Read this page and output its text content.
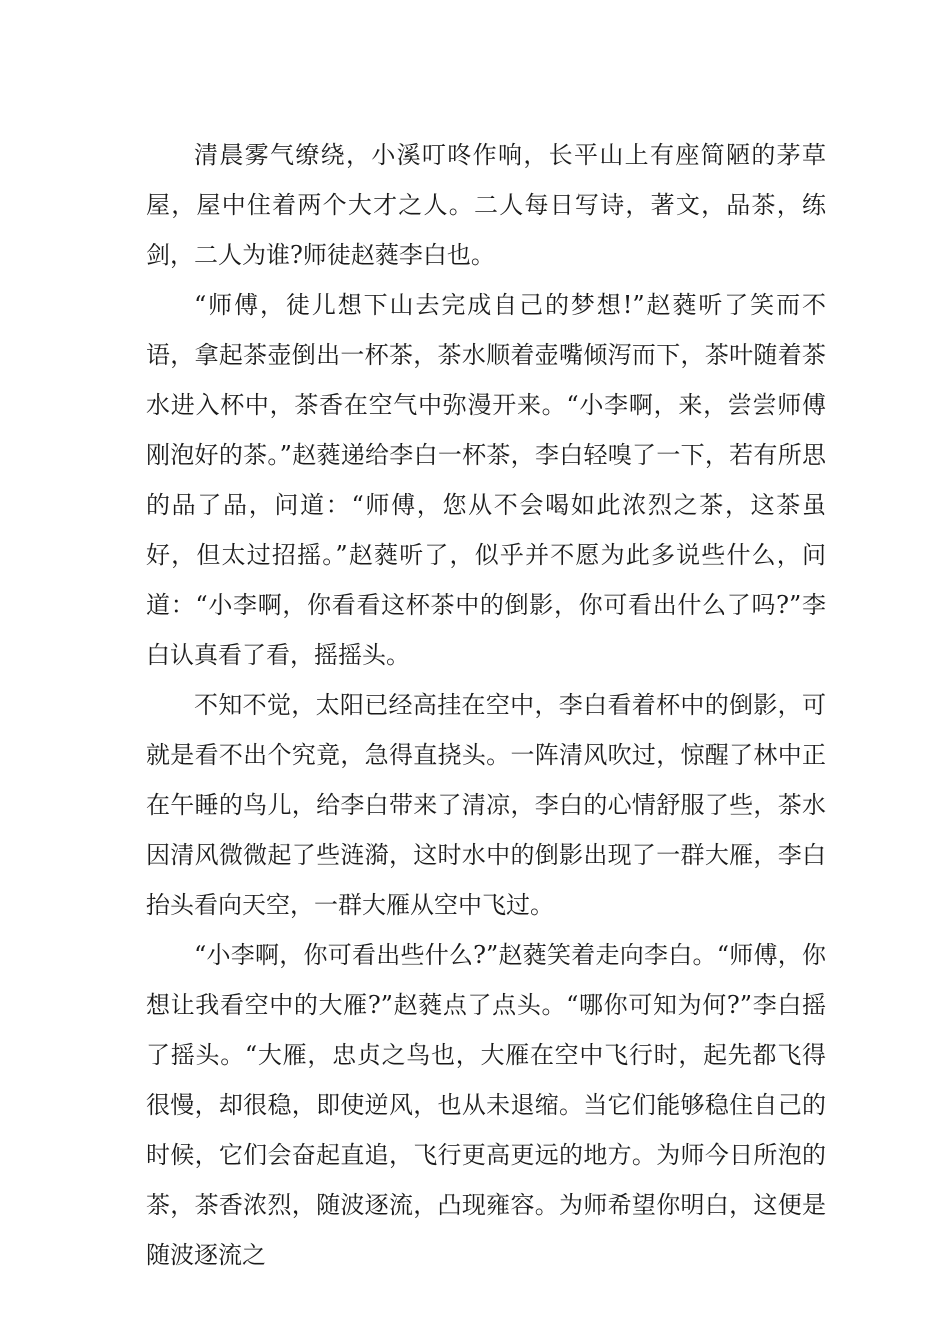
清晨雾气缭绕，小溪叮咚作响，长平山上有座简陋的茅草屋，屋中住着两个大才之人。二人每日写诗，著文，品茶，练剑，二人为谁?师徒赵蕤李白也。

“师傅，徒儿想下山去完成自己的梦想!”赵蕤听了笑而不语，拿起茶壶倒出一杯茶，茶水顺着壶嘴倾泻而下，茶叶随着茶水进入杯中，茶香在空气中弥漫开来。“小李啊，来，尝尝师傅刚泡好的茶。”赵蕤递给李白一杯茶，李白轻嗅了一下，若有所思的品了品，问道：“师傅，您从不会喝如此浓烈之茶，这茶虽好，但太过招摇。”赵蕤听了，似乎并不愿为此多说些什么，问道：“小李啊，你看看这杯茶中的倒影，你可看出什么了吗?”李白认真看了看，摇摇头。

不知不觉，太阳已经高挂在空中，李白看着杯中的倒影，可就是看不出个究竟，急得直挠头。一阵清风吹过，惊醒了林中正在午睡的鸟儿，给李白带来了清凉，李白的心情舒服了些，茶水因清风微微起了些涟漪，这时水中的倒影出现了一群大雁，李白抬头看向天空，一群大雁从空中飞过。

“小李啊，你可看出些什么?”赵蕤笑着走向李白。“师傅，你想让我看空中的大雁?”赵蕤点了点头。“哪你可知为何?”李白摇了摇头。“大雁，忠贞之鸟也，大雁在空中飞行时，起先都飞得很慢，却很稳，即使逆风，也从未退缩。当它们能够稳住自己的时候，它们会奋起直追，飞行更高更远的地方。为师今日所泡的茶，茶香浓烈，随波逐流，凸现雍容。为师希望你明白，这便是随波逐流之
